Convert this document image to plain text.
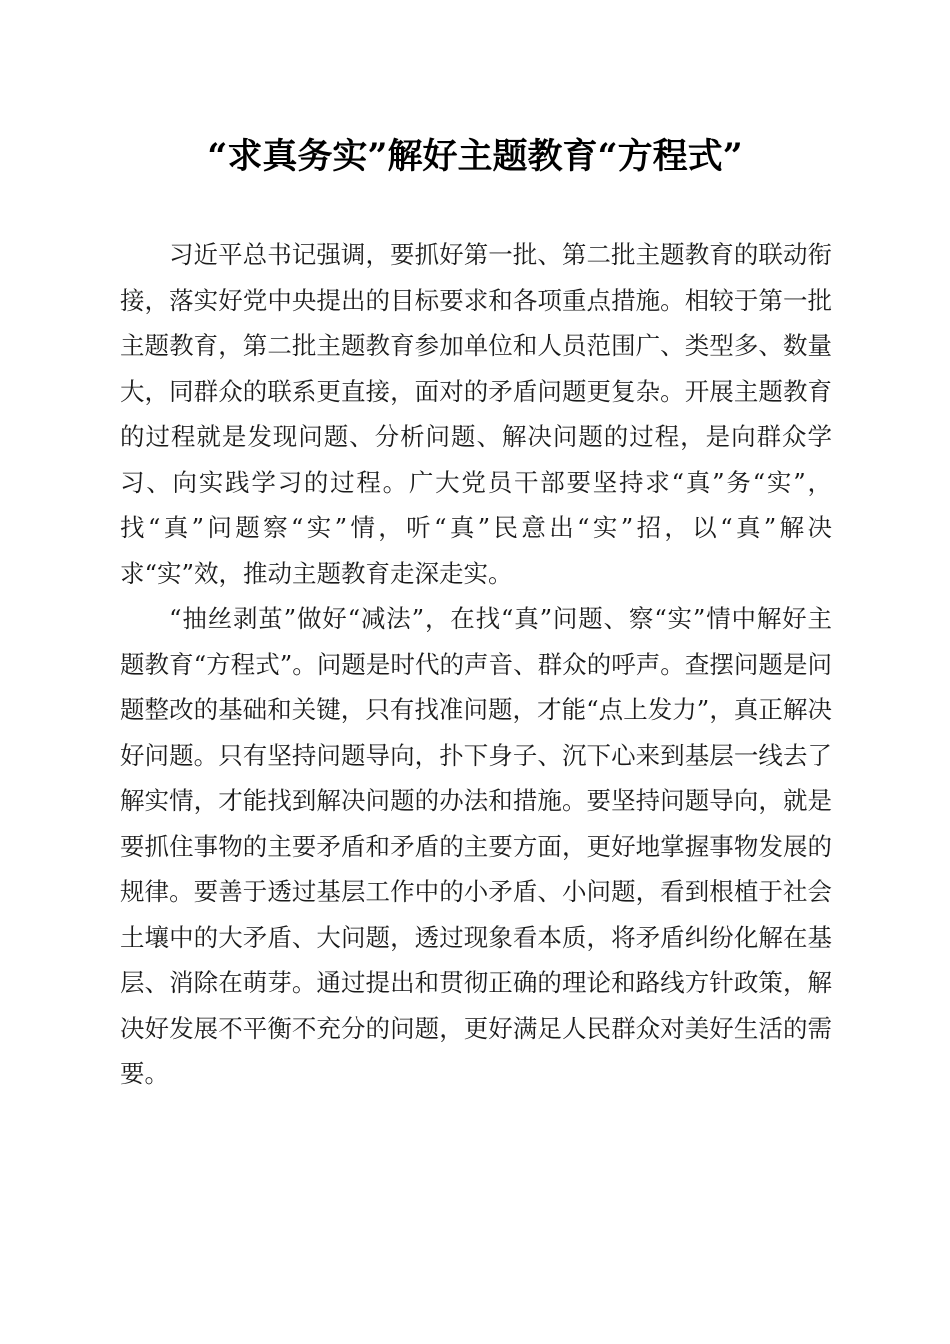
“求真务实”解好主题教育“方程式”

习近平总书记强调，要抓好第一批、第二批主题教育的联动衔接，落实好党中央提出的目标要求和各项重点措施。相较于第一批主题教育，第二批主题教育参加单位和人员范围广、类型多、数量大，同群众的联系更直接，面对的矛盾问题更复杂。开展主题教育的过程就是发现问题、分析问题、解决问题的过程，是向群众学习、向实践学习的过程。广大党员干部要坚持求“真”务“实”，找“真”问题察“实”情，听“真”民意出“实”招，以“真”解决求“实”效，推动主题教育走深走实。

“抽丝剥茧”做好“减法”，在找“真”问题、察“实”情中解好主题教育“方程式”。问题是时代的声音、群众的呼声。查摆问题是问题整改的基础和关键，只有找准问题，才能“点上发力”，真正解决好问题。只有坚持问题导向，扑下身子、沉下心来到基层一线去了解实情，才能找到解决问题的办法和措施。要坚持问题导向，就是要抓住事物的主要矛盾和矛盾的主要方面，更好地掌握事物发展的规律。要善于透过基层工作中的小矛盾、小问题，看到根植于社会土壤中的大矛盾、大问题，透过现象看本质，将矛盾纠纷化解在基层、消除在萌芽。通过提出和贯彻正确的理论和路线方针政策，解决好发展不平衡不充分的问题，更好满足人民群众对美好生活的需要。
